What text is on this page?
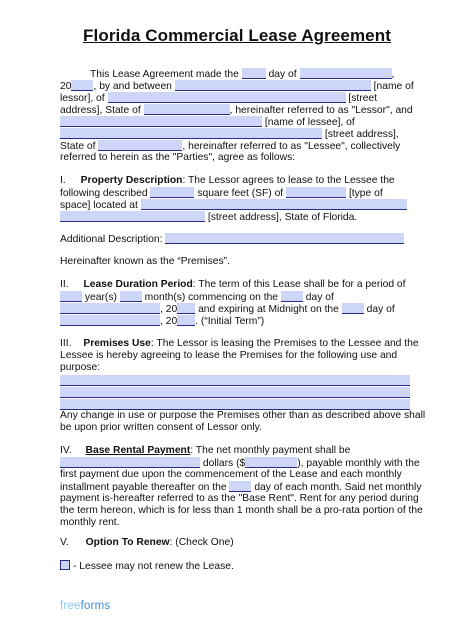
Florida Commercial Lease Agreement
This Lease Agreement made the	day of	,
20 , by and between	[name of
lessor], of	[street
address], State of	, hereinafter referred to as "Lessor", and
[name of lessee], of
[street address],
State of	, hereinafter referred to as "Lessee", collectively
referred to herein as the "Parties", agree as follows:
I. Property Description: The Lessor agrees to lease to the Lessee the
following described	square feet (SF) of	[type of
space] located at
[street address], State of Florida.
Additional Description:
Hereinafter known as the “Premises”.
II. Lease Duration Period: The term of this Lease shall be for a period of
year(s)	month(s) commencing on the	day of
, 20 and expiring at Midnight on the	day of
, 20 . (“Initial Term”)
III. Premises Use: The Lessor is leasing the Premises to the Lessee and the
Lessee is hereby agreeing to lease the Premises for the following use and
purpose:
Any change in use or purpose the Premises other than as described above shall
be upon prior written consent of Lessor only.
IV. Base Rental Payment: The net monthly payment shall be
dollars ($	), payable monthly with the
first payment due upon the commencement of the Lease and each monthly
installment payable thereafter on the	day of each month. Said net monthly
payment is-hereafter referred to as the "Base Rent". Rent for any period during
the term hereon, which is for less than 1 month shall be a pro-rata portion of the
monthly rent.
V. Option To Renew: (Check One)
- Lessee may not renew the Lease.
freeforms
